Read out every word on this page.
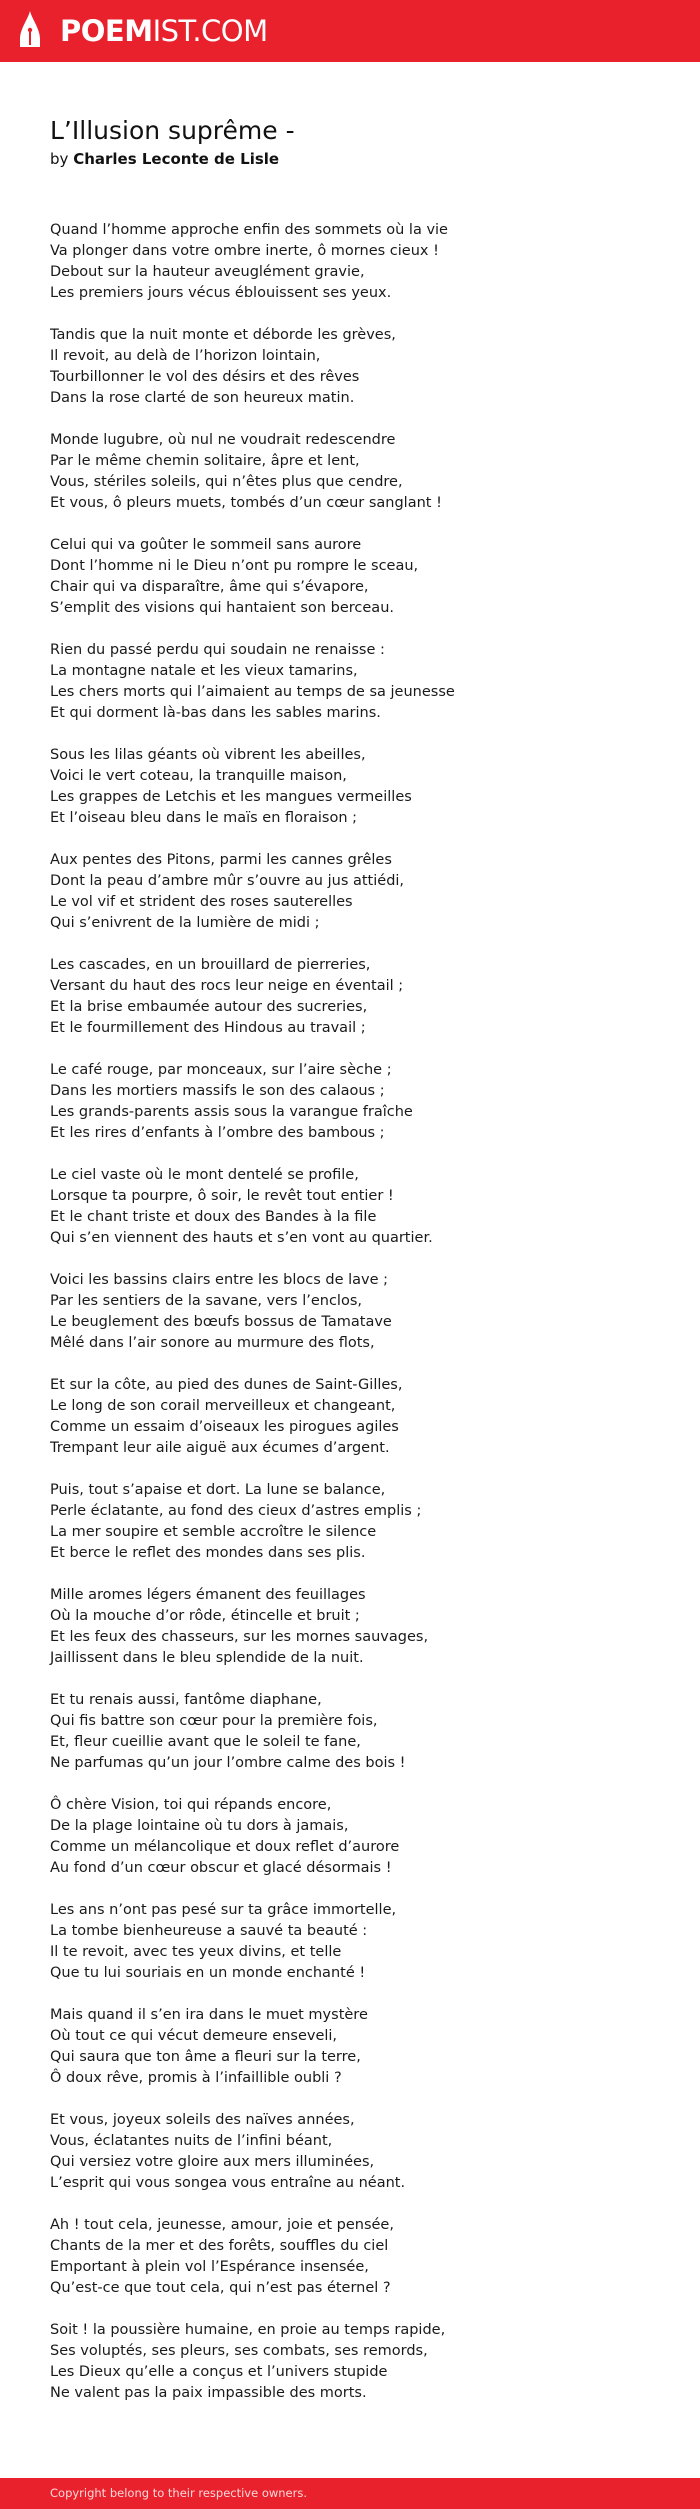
POEMIST.COM
L’Illusion suprême -
by Charles Leconte de Lisle
Quand l’homme approche enfin des sommets où la vie
Va plonger dans votre ombre inerte, ô mornes cieux !
Debout sur la hauteur aveuglément gravie,
Les premiers jours vécus éblouissent ses yeux.
Tandis que la nuit monte et déborde les grèves,
Il revoit, au delà de l’horizon lointain,
Tourbillonner le vol des désirs et des rêves
Dans la rose clarté de son heureux matin.
Monde lugubre, où nul ne voudrait redescendre
Par le même chemin solitaire, âpre et lent,
Vous, stériles soleils, qui n’êtes plus que cendre,
Et vous, ô pleurs muets, tombés d’un cœur sanglant !
Celui qui va goûter le sommeil sans aurore
Dont l’homme ni le Dieu n’ont pu rompre le sceau,
Chair qui va disparaître, âme qui s’évapore,
S’emplit des visions qui hantaient son berceau.
Rien du passé perdu qui soudain ne renaisse :
La montagne natale et les vieux tamarins,
Les chers morts qui l’aimaient au temps de sa jeunesse
Et qui dorment là-bas dans les sables marins.
Sous les lilas géants où vibrent les abeilles,
Voici le vert coteau, la tranquille maison,
Les grappes de Letchis et les mangues vermeilles
Et l’oiseau bleu dans le maïs en floraison ;
Aux pentes des Pitons, parmi les cannes grêles
Dont la peau d’ambre mûr s’ouvre au jus attiédi,
Le vol vif et strident des roses sauterelles
Qui s’enivrent de la lumière de midi ;
Les cascades, en un brouillard de pierreries,
Versant du haut des rocs leur neige en éventail ;
Et la brise embaumée autour des sucreries,
Et le fourmillement des Hindous au travail ;
Le café rouge, par monceaux, sur l’aire sèche ;
Dans les mortiers massifs le son des calaous ;
Les grands-parents assis sous la varangue fraîche
Et les rires d’enfants à l’ombre des bambous ;
Le ciel vaste où le mont dentelé se profile,
Lorsque ta pourpre, ô soir, le revêt tout entier !
Et le chant triste et doux des Bandes à la file
Qui s’en viennent des hauts et s’en vont au quartier.
Voici les bassins clairs entre les blocs de lave ;
Par les sentiers de la savane, vers l’enclos,
Le beuglement des bœufs bossus de Tamatave
Mêlé dans l’air sonore au murmure des flots,
Et sur la côte, au pied des dunes de Saint-Gilles,
Le long de son corail merveilleux et changeant,
Comme un essaim d’oiseaux les pirogues agiles
Trempant leur aile aiguë aux écumes d’argent.
Puis, tout s’apaise et dort. La lune se balance,
Perle éclatante, au fond des cieux d’astres emplis ;
La mer soupire et semble accroître le silence
Et berce le reflet des mondes dans ses plis.
Mille aromes légers émanent des feuillages
Où la mouche d’or rôde, étincelle et bruit ;
Et les feux des chasseurs, sur les mornes sauvages,
Jaillissent dans le bleu splendide de la nuit.
Et tu renais aussi, fantôme diaphane,
Qui fis battre son cœur pour la première fois,
Et, fleur cueillie avant que le soleil te fane,
Ne parfumas qu’un jour l’ombre calme des bois !
Ô chère Vision, toi qui répands encore,
De la plage lointaine où tu dors à jamais,
Comme un mélancolique et doux reflet d’aurore
Au fond d’un cœur obscur et glacé désormais !
Les ans n’ont pas pesé sur ta grâce immortelle,
La tombe bienheureuse a sauvé ta beauté :
Il te revoit, avec tes yeux divins, et telle
Que tu lui souriais en un monde enchanté !
Mais quand il s’en ira dans le muet mystère
Où tout ce qui vécut demeure enseveli,
Qui saura que ton âme a fleuri sur la terre,
Ô doux rêve, promis à l’infaillible oubli ?
Et vous, joyeux soleils des naïves années,
Vous, éclatantes nuits de l’infini béant,
Qui versiez votre gloire aux mers illuminées,
L’esprit qui vous songea vous entraîne au néant.
Ah ! tout cela, jeunesse, amour, joie et pensée,
Chants de la mer et des forêts, souffles du ciel
Emportant à plein vol l’Espérance insensée,
Qu’est-ce que tout cela, qui n’est pas éternel ?
Soit ! la poussière humaine, en proie au temps rapide,
Ses voluptés, ses pleurs, ses combats, ses remords,
Les Dieux qu’elle a conçus et l’univers stupide
Ne valent pas la paix impassible des morts.
Copyright belong to their respective owners.
